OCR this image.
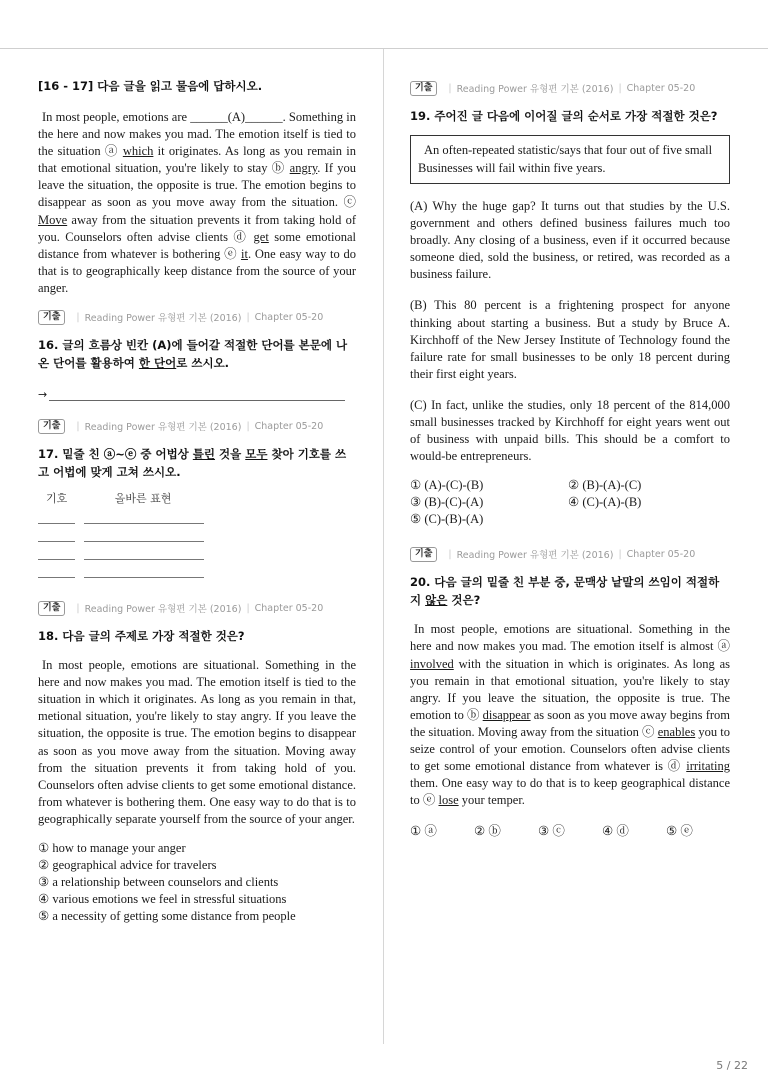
[16 - 17] 다음 글을 읽고 물음에 답하시오.

In most people, emotions are ______(A)______. Something in the here and now makes you mad. The emotion itself is tied to the situation ⓐ which it originates. As long as you remain in that emotional situation, you're likely to stay ⓑ angry. If you leave the situation, the opposite is true. The emotion begins to disappear as soon as you move away from the situation. ⓒ Move away from the situation prevents it from taking hold of you. Counselors often advise clients ⓓ get some emotional distance from whatever is bothering ⓔ it. One easy way to do that is to geographically keep distance from the source of your anger.

기출	| Reading Power 유형편 기본 (2016) | Chapter 05-20

16. 글의 흐름상 빈칸 (A)에 들어갈 적절한 단어를 본문에 나온 단어를 활용하여 한 단어로 쓰시오.

→
기출	| Reading Power 유형편 기본 (2016) | Chapter 05-20

17. 밑줄 친 ⓐ~ⓔ 중 어법상 틀린 것을 모두 찾아 기호를 쓰고 어법에 맞게 고쳐 쓰시오.

기호	올바른 표현
기출	| Reading Power 유형편 기본 (2016) | Chapter 05-20

18. 다음 글의 주제로 가장 적절한 것은?

In most people, emotions are situational. Something in the here and now makes you mad. The emotion itself is tied to the situation in which it originates. As long as you remain in that, metional situation, you're likely to stay angry. If you leave the situation, the opposite is true. The emotion begins to disappear as soon as you move away from the situation. Moving away from the situation prevents it from taking hold of you. Counselors often advise clients to get some emotional distance. from whatever is bothering them. One easy way to do that is to geographically separate yourself from the source of your anger.

① how to manage your anger
② geographical advice for travelers
③ a relationship between counselors and clients
④ various emotions we feel in stressful situations
⑤ a necessity of getting some distance from people
기출	| Reading Power 유형편 기본 (2016) | Chapter 05-20

19. 주어진 글 다음에 이어질 글의 순서로 가장 적절한 것은?

An often-repeated statistic/says that four out of five small Businesses will fail within five years.

(A) Why the huge gap? It turns out that studies by the U.S. government and others defined business failures much too broadly. Any closing of a business, even if it occurred because someone died, sold the business, or retired, was recorded as a business failure.

(B) This 80 percent is a frightening prospect for anyone thinking about starting a business. But a study by Bruce A. Kirchhoff of the New Jersey Institute of Technology found the failure rate for small businesses to be only 18 percent during their first eight years.

(C) In fact, unlike the studies, only 18 percent of the 814,000 small businesses tracked by Kirchhoff for eight years went out of business with unpaid bills. This should be a comfort to would-be entrepreneurs.

① (A)-(C)-(B)	② (B)-(A)-(C)
③ (B)-(C)-(A)	④ (C)-(A)-(B)
⑤ (C)-(B)-(A)
기출	| Reading Power 유형편 기본 (2016) | Chapter 05-20

20. 다음 글의 밑줄 친 부분 중, 문맥상 낱말의 쓰임이 적절하지 않은 것은?

In most people, emotions are situational. Something in the here and now makes you mad. The emotion itself is almost ⓐ involved with the situation in which is originates. As long as you remain in that emotional situation, you're likely to stay angry. If you leave the situation, the opposite is true. The emotion to ⓑ disappear as soon as you move away begins from the situation. Moving away from the situation ⓒ enables you to seize control of your emotion. Counselors often advise clients to get some emotional distance from whatever is ⓓ irritating them. One easy way to do that is to keep geographical distance to ⓔ lose your temper.

① ⓐ	② ⓑ	③ ⓒ	④ ⓓ	⑤ ⓔ
5 / 22
